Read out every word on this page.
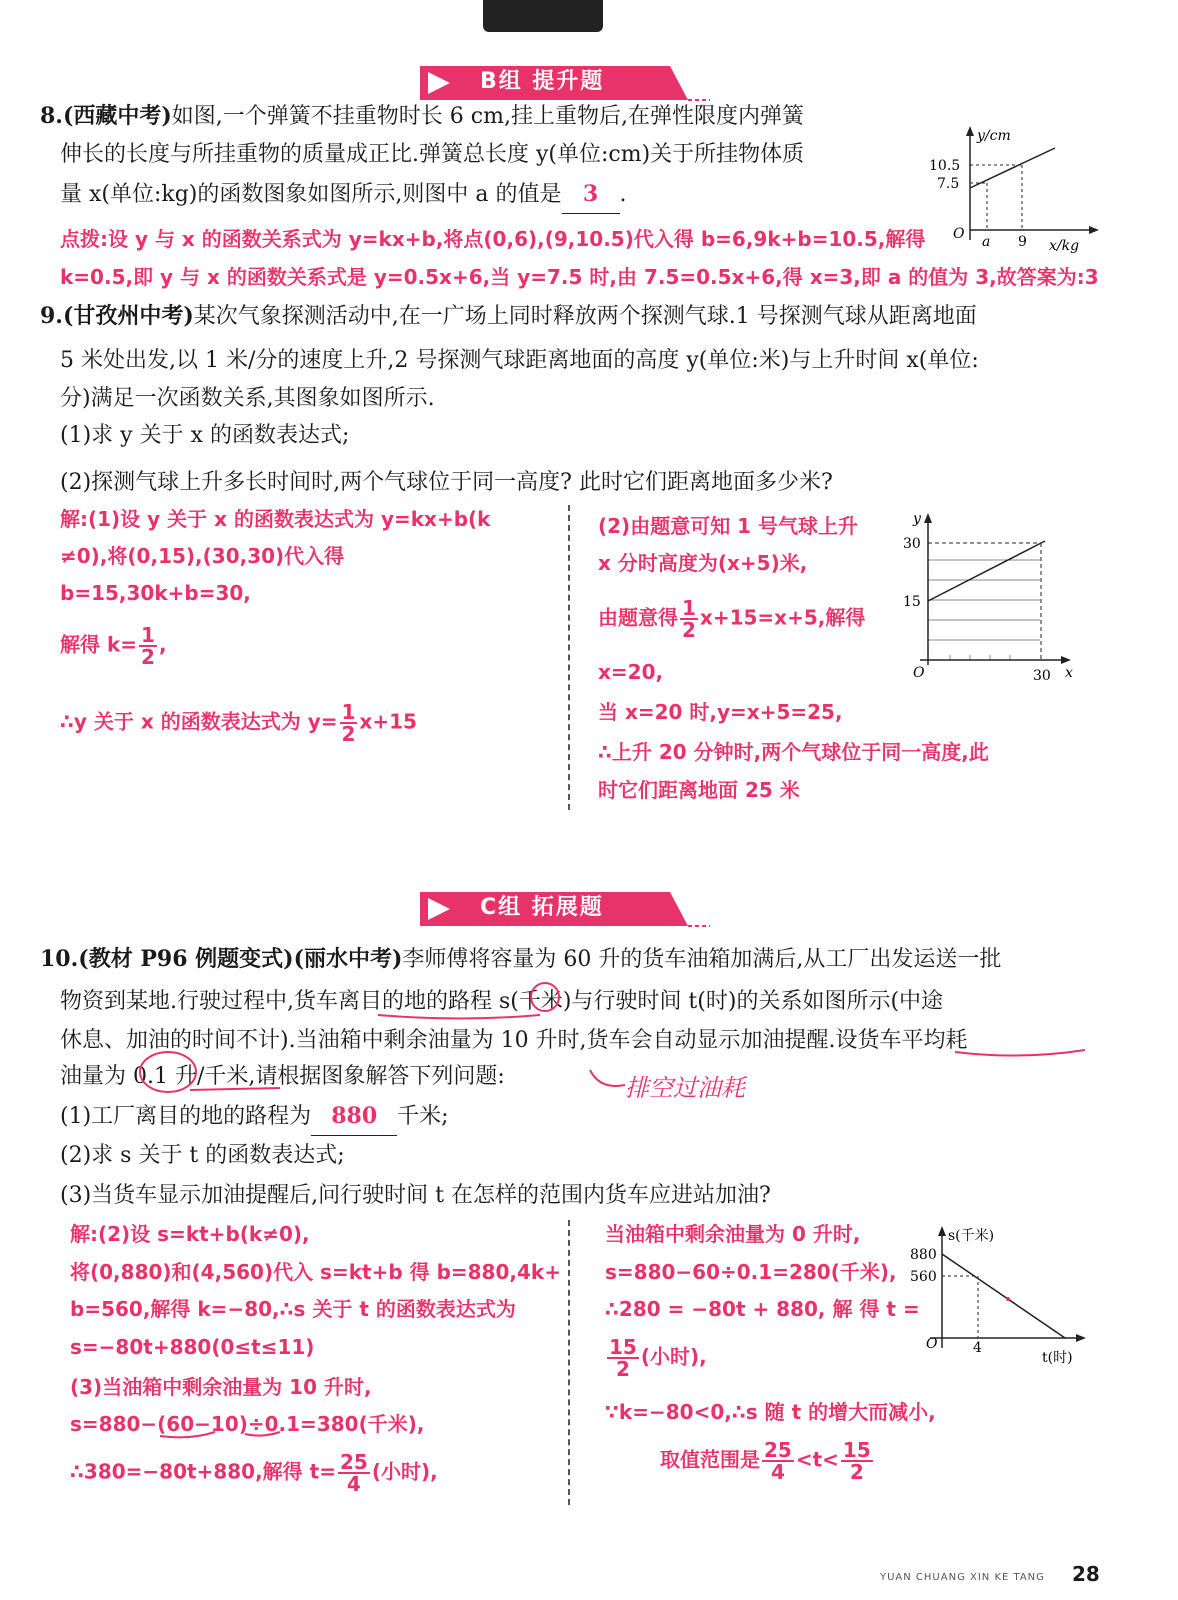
B组 提升题
8.(西藏中考)如图,一个弹簧不挂重物时长 6 cm,挂上重物后,在弹性限度内弹簧
伸长的长度与所挂重物的质量成正比.弹簧总长度 y(单位:cm)关于所挂物体质
量 x(单位:kg)的函数图象如图所示,则图中 a 的值是 3 .
点拨:设 y 与 x 的函数关系式为 y=kx+b,将点(0,6),(9,10.5)代入得 b=6,9k+b=10.5,解得
k=0.5,即 y 与 x 的函数关系式是 y=0.5x+6,当 y=7.5 时,由 7.5=0.5x+6,得 x=3,即 a 的值为 3,故答案为:3
y/cm
10.5
7.5
O a 9 x/kg
9.(甘孜州中考)某次气象探测活动中,在一广场上同时释放两个探测气球.1 号探测气球从距离地面
5 米处出发,以 1 米/分的速度上升,2 号探测气球距离地面的高度 y(单位:米)与上升时间 x(单位:
分)满足一次函数关系,其图象如图所示.
(1)求 y 关于 x 的函数表达式;
(2)探测气球上升多长时间时,两个气球位于同一高度? 此时它们距离地面多少米?
解:(1)设 y 关于 x 的函数表达式为 y=kx+b(k
≠0),将(0,15),(30,30)代入得
b=15,30k+b=30,
解得 $k= \frac{1}{2}$ ,
∴y 关于 x 的函数表达式为 $y= \frac{1}{2} x+15$
(2)由题意可知 1 号气球上升
x 分时高度为(x+5)米,
由题意得 $\frac{1}{2} x+15=x+5$,解得
x=20,
当 x=20 时,y=x+5=25,
∴上升 20 分钟时,两个气球位于同一高度,此
时它们距离地面 25 米
y
30
15
O	30 x
C组 拓展题
10.(教材 P96 例题变式)(丽水中考)李师傅将容量为 60 升的货车油箱加满后,从工厂出发运送一批
物资到某地.行驶过程中,货车离目的地的路程 s(千米)与行驶时间 t(时)的关系如图所示(中途
休息、加油的时间不计).当油箱中剩余油量为 10 升时,货车会自动显示加油提醒.设货车平均耗
油量为 0.1 升/千米,请根据图象解答下列问题:	排空过油耗
(1)工厂离目的地的路程为 880 千米;
(2)求 s 关于 t 的函数表达式;
(3)当货车显示加油提醒后,问行驶时间 t 在怎样的范围内货车应进站加油?
解:(2)设 s=kt+b(k≠0),
将(0,880)和(4,560)代入 s=kt+b 得 b=880,4k+
b=560,解得 k=−80,∴s 关于 t 的函数表达式为
s=−80t+880(0≤t≤11)
(3)当油箱中剩余油量为 10 升时,
s=880−(60−10)÷0.1=380(千米),
∴380=−80t+880,解得 $t= \frac{25}{4}$ (小时),
当油箱中剩余油量为 0 升时,
s=880−60÷0.1=280(千米),
∴280 = −80t + 880, 解 得 t =
$\frac{15}{2}$ (小时),
∵k=−80<0,∴s 随 t 的增大而减小,
取值范围是 $\frac{25}{4} <t< \frac{15}{2}$
s(千米)
880
560
O	4
t(时)
YUAN CHUANG XIN KE TANG 28
